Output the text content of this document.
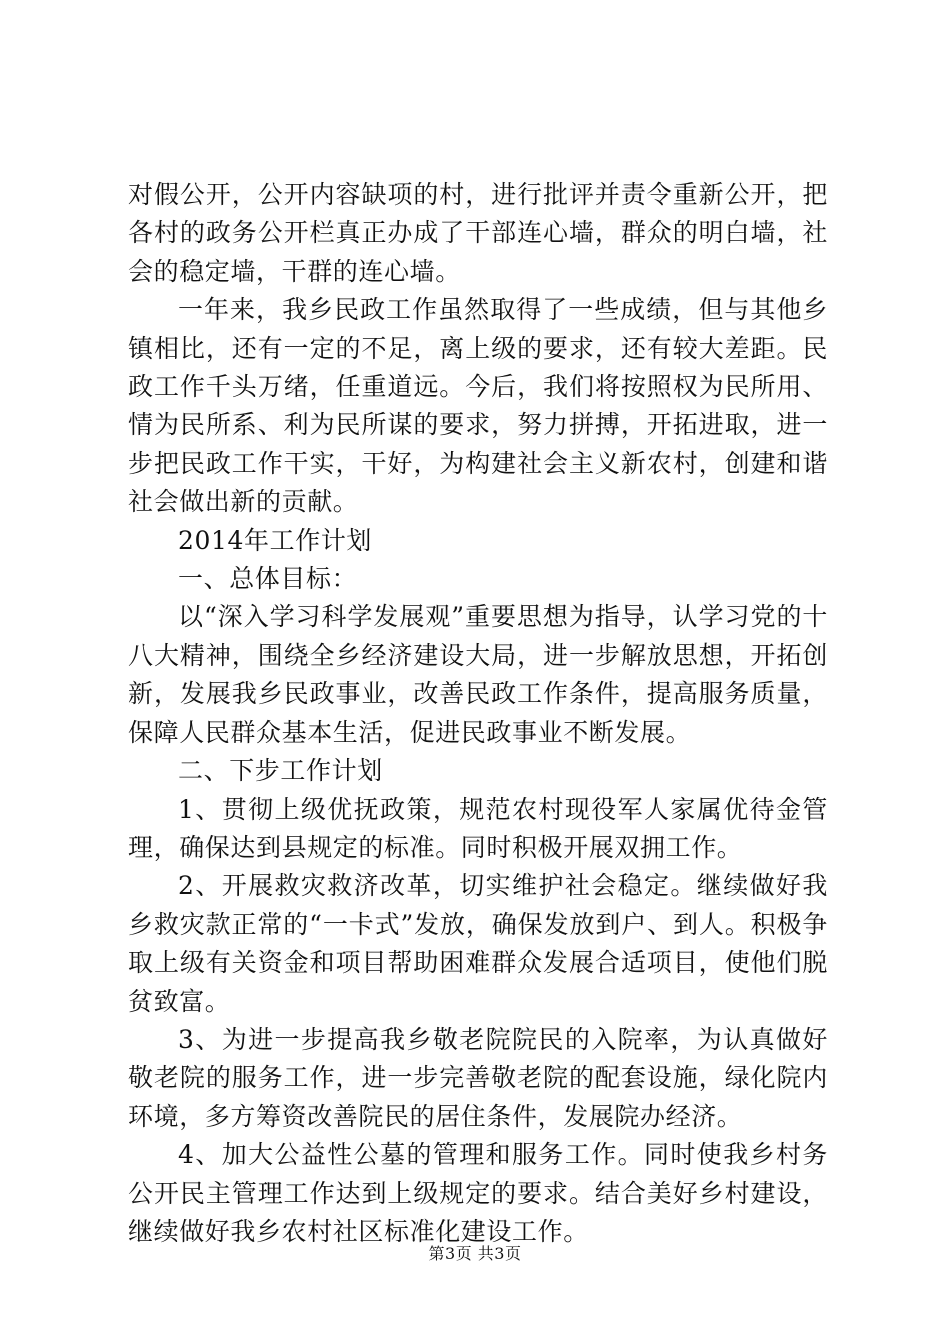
对假公开，公开内容缺项的村，进行批评并责令重新公开，把各村的政务公开栏真正办成了干部连心墙，群众的明白墙，社会的稳定墙，干群的连心墙。

一年来，我乡民政工作虽然取得了一些成绩，但与其他乡镇相比，还有一定的不足，离上级的要求，还有较大差距。民政工作千头万绪，任重道远。今后，我们将按照权为民所用、情为民所系、利为民所谋的要求，努力拼搏，开拓进取，进一步把民政工作干实，干好，为构建社会主义新农村，创建和谐社会做出新的贡献。

2014年工作计划

一、总体目标：

以“深入学习科学发展观”重要思想为指导，认学习党的十八大精神，围绕全乡经济建设大局，进一步解放思想，开拓创新，发展我乡民政事业，改善民政工作条件，提高服务质量，保障人民群众基本生活，促进民政事业不断发展。

二、下步工作计划

1、贯彻上级优抚政策，规范农村现役军人家属优待金管理，确保达到县规定的标准。同时积极开展双拥工作。

2、开展救灾救济改革，切实维护社会稳定。继续做好我乡救灾款正常的“一卡式”发放，确保发放到户、到人。积极争取上级有关资金和项目帮助困难群众发展合适项目，使他们脱贫致富。

3、为进一步提高我乡敬老院院民的入院率，为认真做好敬老院的服务工作，进一步完善敬老院的配套设施，绿化院内环境，多方筹资改善院民的居住条件，发展院办经济。

4、加大公益性公墓的管理和服务工作。同时使我乡村务公开民主管理工作达到上级规定的要求。结合美好乡村建设，继续做好我乡农村社区标准化建设工作。

第3页 共3页
